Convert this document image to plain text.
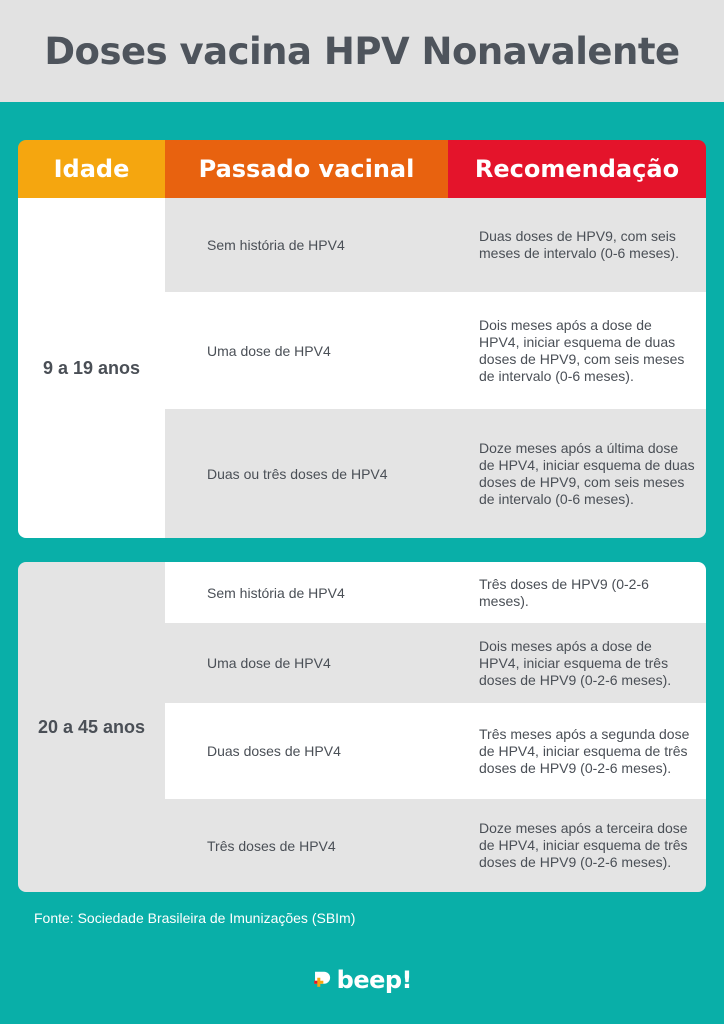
Doses vacina HPV Nonavalente
Idade	Passado vacinal	Recomendação
9 a 19 anos
Sem história de HPV4
Duas doses de HPV9, com seis meses de intervalo (0-6 meses).
Uma dose de HPV4
Dois meses após a dose de HPV4, iniciar esquema de duas doses de HPV9, com seis meses de intervalo (0-6 meses).
Duas ou três doses de HPV4
Doze meses após a última dose de HPV4, iniciar esquema de duas doses de HPV9, com seis meses de intervalo (0-6 meses).
20 a 45 anos
Sem história de HPV4
Três doses de HPV9 (0-2-6 meses).
Uma dose de HPV4
Dois meses após a dose de HPV4, iniciar esquema de três doses de HPV9 (0-2-6 meses).
Duas doses de HPV4
Três meses após a segunda dose de HPV4, iniciar esquema de três doses de HPV9 (0-2-6 meses).
Três doses de HPV4
Doze meses após a terceira dose de HPV4, iniciar esquema de três doses de HPV9 (0-2-6 meses).
Fonte: Sociedade Brasileira de Imunizações (SBIm)
beep!
